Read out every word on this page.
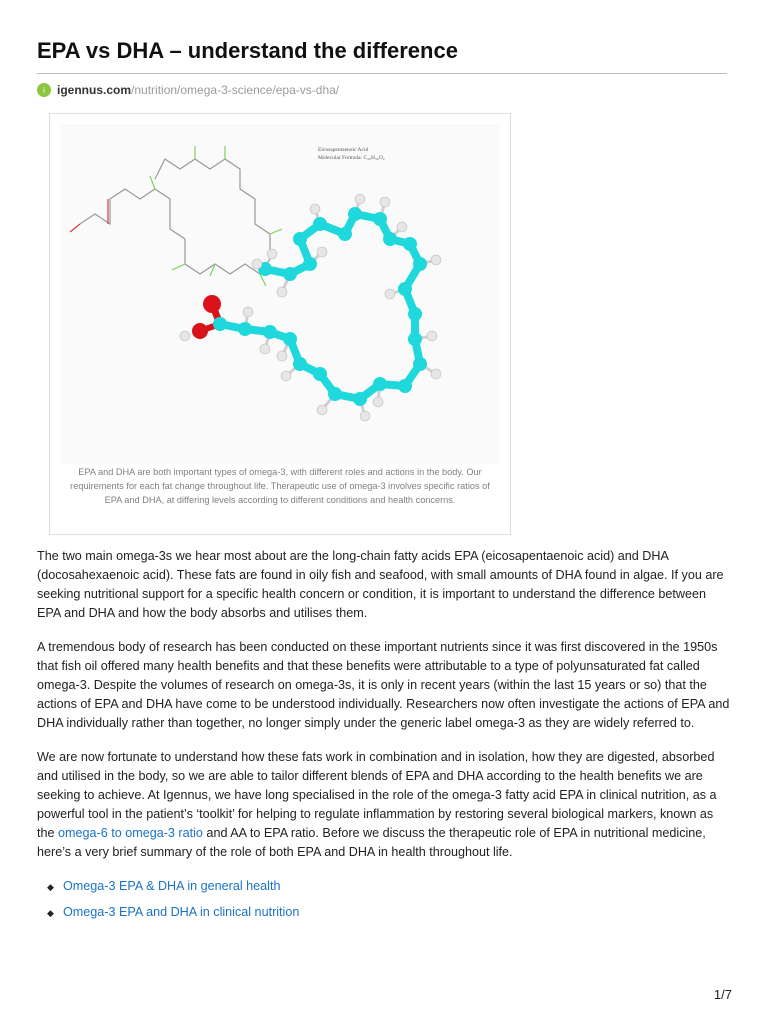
EPA vs DHA – understand the difference
i	igennus.com /nutrition/omega-3-science/epa-vs-dha/
Eicosapentaenoic Acid
Molecular Formula: C₂₀H₃₀O₂
EPA and DHA are both important types of omega-3, with different roles and actions in the body. Our requirements for each fat change throughout life. Therapeutic use of omega-3 involves specific ratios of EPA and DHA, at differing levels according to different conditions and health concerns.

The two main omega-3s we hear most about are the long-chain fatty acids EPA (eicosapentaenoic acid) and DHA (docosahexaenoic acid). These fats are found in oily fish and seafood, with small amounts of DHA found in algae. If you are seeking nutritional support for a specific health concern or condition, it is important to understand the difference between EPA and DHA and how the body absorbs and utilises them.

A tremendous body of research has been conducted on these important nutrients since it was first discovered in the 1950s that fish oil offered many health benefits and that these benefits were attributable to a type of polyunsaturated fat called omega-3. Despite the volumes of research on omega-3s, it is only in recent years (within the last 15 years or so) that the actions of EPA and DHA have come to be understood individually. Researchers now often investigate the actions of EPA and DHA individually rather than together, no longer simply under the generic label omega-3 as they are widely referred to.

We are now fortunate to understand how these fats work in combination and in isolation, how they are digested, absorbed and utilised in the body, so we are able to tailor different blends of EPA and DHA according to the health benefits we are seeking to achieve. At Igennus, we have long specialised in the role of the omega-3 fatty acid EPA in clinical nutrition, as a powerful tool in the patient’s ‘toolkit’ for helping to regulate inflammation by restoring several biological markers, known as the omega-6 to omega-3 ratio and AA to EPA ratio. Before we discuss the therapeutic role of EPA in nutritional medicine, here’s a very brief summary of the role of both EPA and DHA in health throughout life.

◆ Omega-3 EPA & DHA in general health
◆ Omega-3 EPA and DHA in clinical nutrition
1/7
